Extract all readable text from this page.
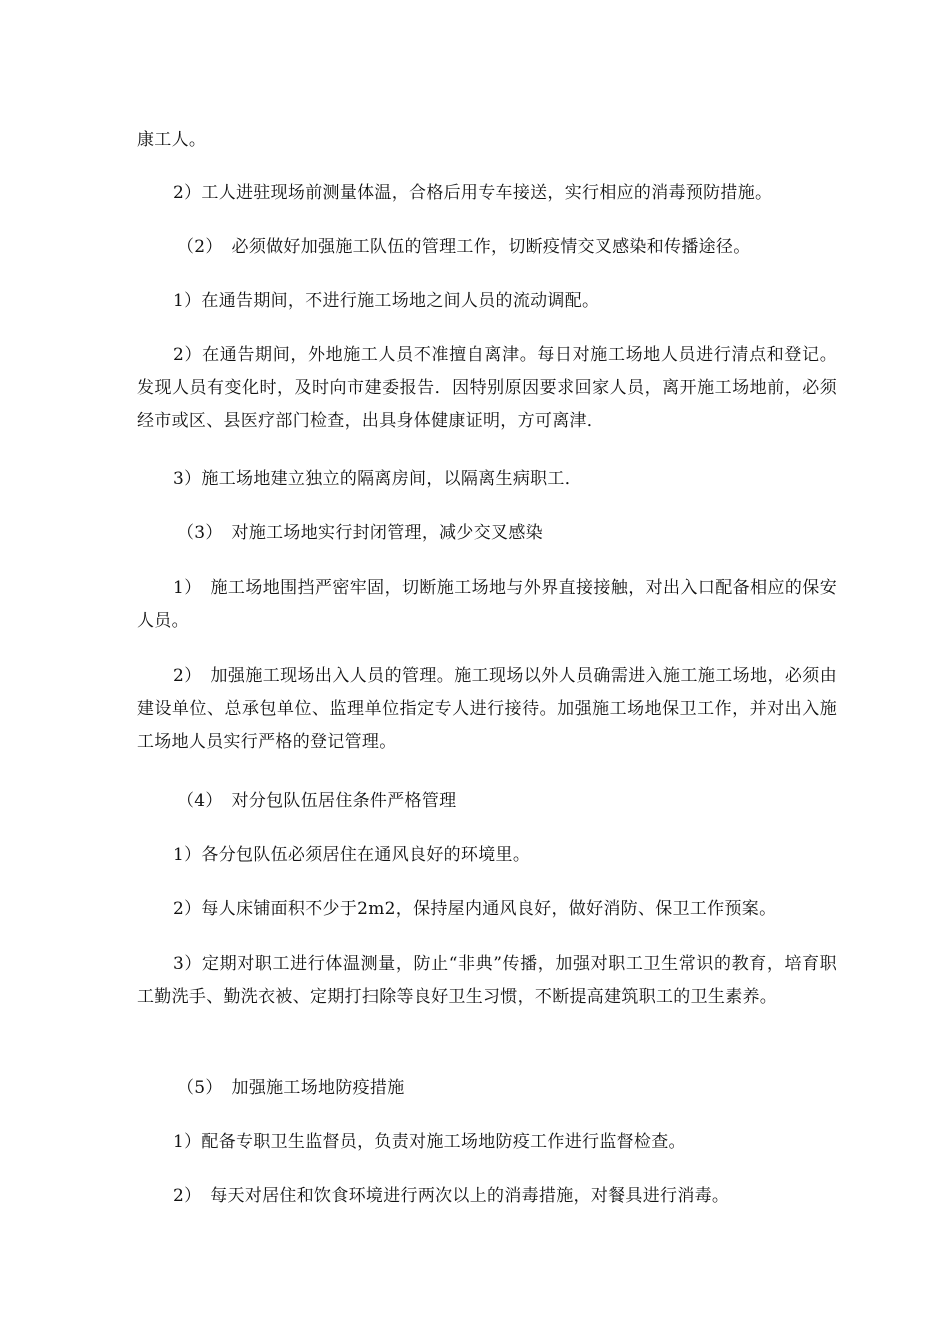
康工人。

2）工人进驻现场前测量体温，合格后用专车接送，实行相应的消毒预防措施。

（2）　必须做好加强施工队伍的管理工作，切断疫情交叉感染和传播途径。

1）在通告期间，不进行施工场地之间人员的流动调配。

2）在通告期间，外地施工人员不准擅自离津。每日对施工场地人员进行清点和登记。发现人员有变化时，及时向市建委报告．因特别原因要求回家人员，离开施工场地前，必须经市或区、县医疗部门检查，出具身体健康证明，方可离津．

3）施工场地建立独立的隔离房间，以隔离生病职工．

（3）　对施工场地实行封闭管理，减少交叉感染

1）　施工场地围挡严密牢固，切断施工场地与外界直接接触，对出入口配备相应的保安人员。

2）　加强施工现场出入人员的管理。施工现场以外人员确需进入施工施工场地，必须由建设单位、总承包单位、监理单位指定专人进行接待。加强施工场地保卫工作，并对出入施工场地人员实行严格的登记管理。

（4）　对分包队伍居住条件严格管理

1）各分包队伍必须居住在通风良好的环境里。

2）每人床铺面积不少于2m2，保持屋内通风良好，做好消防、保卫工作预案。

3）定期对职工进行体温测量，防止“非典”传播，加强对职工卫生常识的教育，培育职工勤洗手、勤洗衣被、定期打扫除等良好卫生习惯，不断提高建筑职工的卫生素养。

（5）　加强施工场地防疫措施

1）配备专职卫生监督员，负责对施工场地防疫工作进行监督检查。

2）　每天对居住和饮食环境进行两次以上的消毒措施，对餐具进行消毒。
